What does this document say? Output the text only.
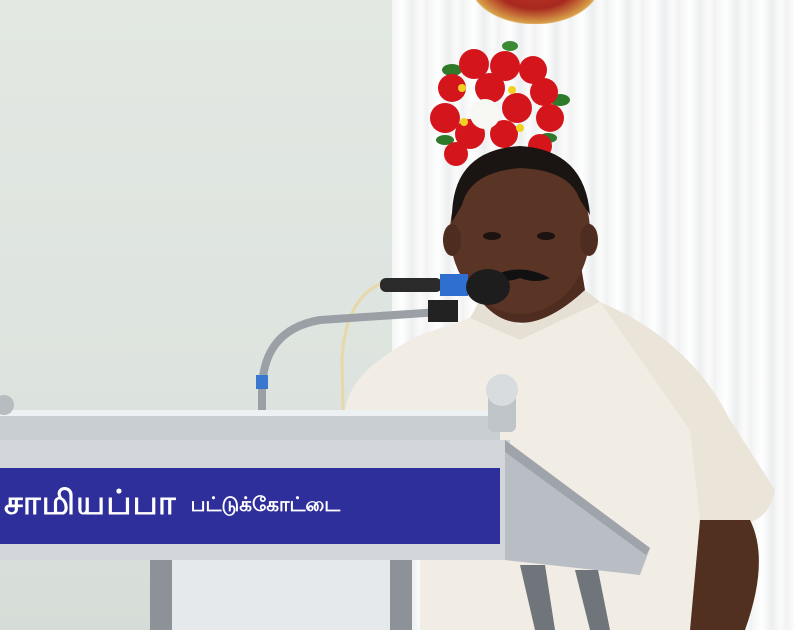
சாமியப்பா பட்டுக்கோட்டை
